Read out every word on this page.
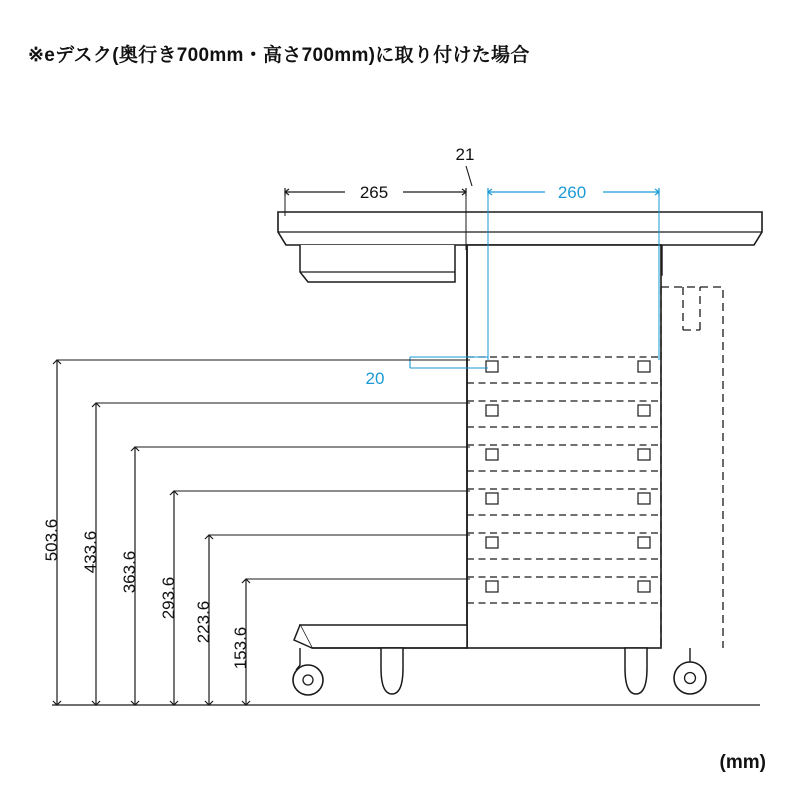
※eデスク(奥行き700mm・高さ700mm)に取り付けた場合
(mm)
265
21
260
20
503.6 433.6 363.6
293.6
223.6
153.6
